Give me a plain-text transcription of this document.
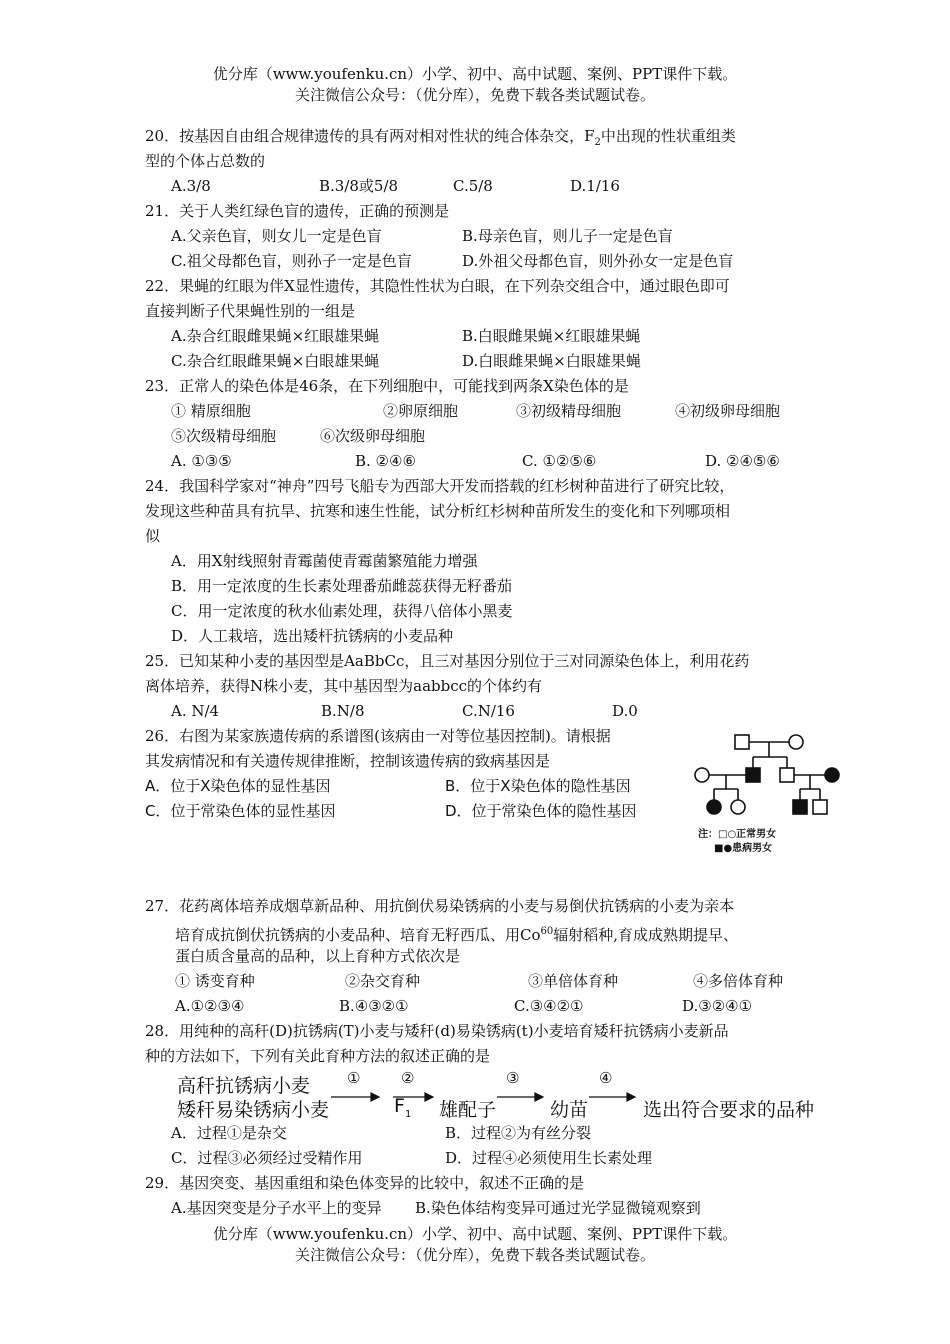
优分库（www.youfenku.cn）小学、初中、高中试题、案例、PPT课件下载。
关注微信公众号：（优分库），免费下载各类试题试卷。
20．按基因自由组合规律遗传的具有两对相对性状的纯合体杂交，$F_2$中出现的性状重组类
型的个体占总数的
A.3/8	B.3/8或5/8	C.5/8	D.1/16
21．关于人类红绿色盲的遗传，正确的预测是
A.父亲色盲，则女儿一定是色盲	B.母亲色盲，则儿子一定是色盲
C.祖父母都色盲，则孙子一定是色盲	D.外祖父母都色盲，则外孙女一定是色盲
22．果蝇的红眼为伴X显性遗传，其隐性性状为白眼，在下列杂交组合中，通过眼色即可
直接判断子代果蝇性别的一组是
A.杂合红眼雌果蝇×红眼雄果蝇	B.白眼雌果蝇×红眼雄果蝇
C.杂合红眼雌果蝇×白眼雄果蝇	D.白眼雌果蝇×白眼雄果蝇
23．正常人的染色体是46条，在下列细胞中，可能找到两条X染色体的是
① 精原细胞	②卵原细胞	③初级精母细胞	④初级卵母细胞
⑤次级精母细胞	⑥次级卵母细胞
A. ①③⑤	B. ②④⑥	C. ①②⑤⑥	D. ②④⑤⑥
24．我国科学家对“神舟”四号飞船专为西部大开发而搭载的红杉树种苗进行了研究比较，
发现这些种苗具有抗旱、抗寒和速生性能，试分析红杉树种苗所发生的变化和下列哪项相
似
A．用X射线照射青霉菌使青霉菌繁殖能力增强
B．用一定浓度的生长素处理番茄雌蕊获得无籽番茄
C．用一定浓度的秋水仙素处理，获得八倍体小黑麦
D．人工栽培，选出矮杆抗锈病的小麦品种
25．已知某种小麦的基因型是AaBbCc，且三对基因分别位于三对同源染色体上，利用花药
离体培养，获得N株小麦，其中基因型为aabbcc的个体约有
A. N/4	B.N/8	C.N/16	D.0
26．右图为某家族遗传病的系谱图(该病由一对等位基因控制)。请根据
其发病情况和有关遗传规律推断，控制该遗传病的致病基因是
A．位于X染色体的显性基因	B．位于X染色体的隐性基因
C．位于常染色体的显性基因	D．位于常染色体的隐性基因
注：□○正常男女
■●患病男女
27．花药离体培养成烟草新品种、用抗倒伏易染锈病的小麦与易倒伏抗锈病的小麦为亲本
培育成抗倒伏抗锈病的小麦品种、培育无籽西瓜、用Co$^{60}$辐射稻种,育成成熟期提早、
蛋白质含量高的品种，以上育种方式依次是
① 诱变育种	②杂交育种	③单倍体育种	④多倍体育种
A.①②③④	B.④③②①	C.③④②①	D.③②④①
28．用纯种的高秆(D)抗锈病(T)小麦与矮秆(d)易染锈病(t)小麦培育矮秆抗锈病小麦新品
种的方法如下，下列有关此育种方法的叙述正确的是
高秆抗锈病小麦
矮秆易染锈病小麦
①
$F_1$
②
雄配子
③
幼苗
④
选出符合要求的品种
A．过程①是杂交	B．过程②为有丝分裂
C．过程③必须经过受精作用	D．过程④必须使用生长素处理
29．基因突变、基因重组和染色体变异的比较中，叙述不正确的是
A.基因突变是分子水平上的变异 B.染色体结构变异可通过光学显微镜观察到
优分库（www.youfenku.cn）小学、初中、高中试题、案例、PPT课件下载。
关注微信公众号：（优分库），免费下载各类试题试卷。
